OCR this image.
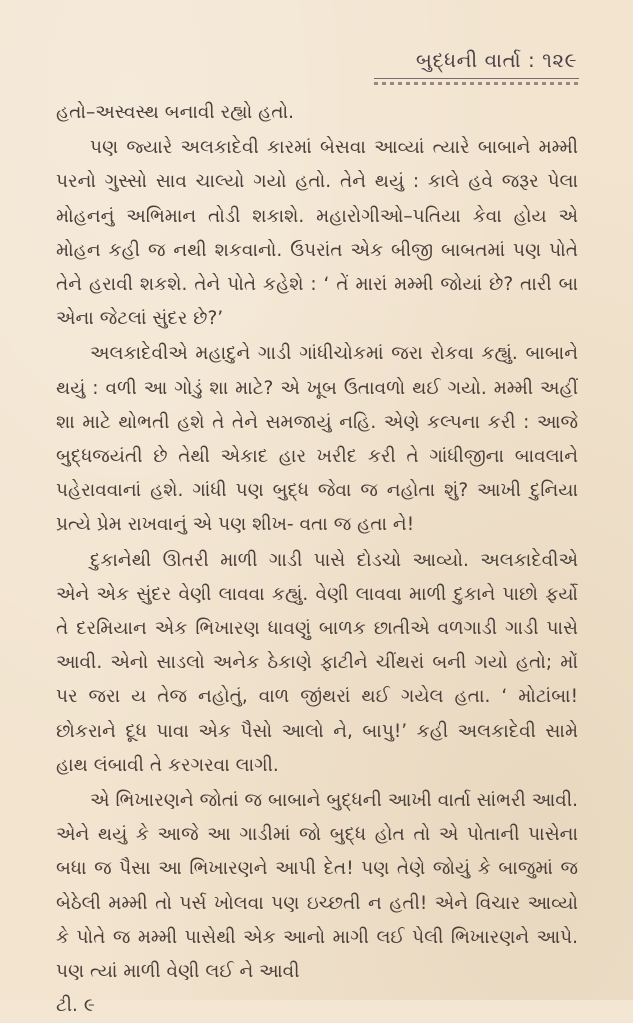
બુદ્ધની વાર્તા : ૧૨૯

હતો–અસ્વસ્થ બનાવી રહ્યો હતો.

પણ જ્યારે અલકાદેવી કારમાં બેસવા આવ્યાં ત્યારે બાબાને મમ્મી પરનો ગુસ્સો સાવ ચાલ્યો ગયો હતો. તેને થયું : કાલે હવે જરૂર પેલા મોહનનું અભિમાન તોડી શકાશે. મહારોગીઓ–પતિયા કેવા હોય એ મોહન કહી જ નથી શકવાનો. ઉપરાંત એક બીજી બાબતમાં પણ પોતે તેને હરાવી શકશે. તેને પોતે કહેશે : ‘ તેં મારાં મમ્મી જોયાં છે? તારી બા એના જેટલાં સુંદર છે?’

અલકાદેવીએ મહાદુને ગાડી ગાંધીચોકમાં જરા રોકવા કહ્યું. બાબાને થયું : વળી આ ગોડું શા માટે? એ ખૂબ ઉતાવળો થઈ ગયો. મમ્મી અહીં શા માટે થોભતી હશે તે તેને સમજાયું નહિ. એણે કલ્પના કરી : આજે બુદ્ધજયંતી છે તેથી એકાદ હાર ખરીદ કરી તે ગાંધીજીના બાવલાને પહેરાવવાનાં હશે. ગાંધી પણ બુદ્ધ જેવા જ નહોતા શું? આખી દુનિયા પ્રત્યે પ્રેમ રાખવાનું એ પણ શીખ- વતા જ હતા ને!

દુકાનેથી ઊતરી માળી ગાડી પાસે દોડચો આવ્યો. અલકાદેવીએ એને એક સુંદર વેણી લાવવા કહ્યું. વેણી લાવવા માળી દુકાને પાછો ફર્યો તે દરમિયાન એક ભિખારણ ધાવણું બાળક છાતીએ વળગાડી ગાડી પાસે આવી. એનો સાડલો અનેક ઠેકાણે ફાટીને ચીંથરાં બની ગયો હતો; મોં પર જરા ય તેજ નહોતું, વાળ જીંથરાં થઈ ગયેલ હતા. ‘ મોટાંબા! છોકરાને દૂધ પાવા એક પૈસો આલો ને, બાપુ!’ કહી અલકાદેવી સામે હાથ લંબાવી તે કરગરવા લાગી.

એ ભિખારણને જોતાં જ બાબાને બુદ્ધની આખી વાર્તા સાંભરી આવી. એને થયું કે આજે આ ગાડીમાં જો બુદ્ધ હોત તો એ પોતાની પાસેના બધા જ પૈસા આ ભિખારણને આપી દેત! પણ તેણે જોયું કે બાજુમાં જ બેઠેલી મમ્મી તો પર્સ ખોલવા પણ ઇચ્છતી ન હતી! એને વિચાર આવ્યો કે પોતે જ મમ્મી પાસેથી એક આનો માગી લઈ પેલી ભિખારણને આપે. પણ ત્યાં માળી વેણી લઈ ને આવી

ટી. ૯
